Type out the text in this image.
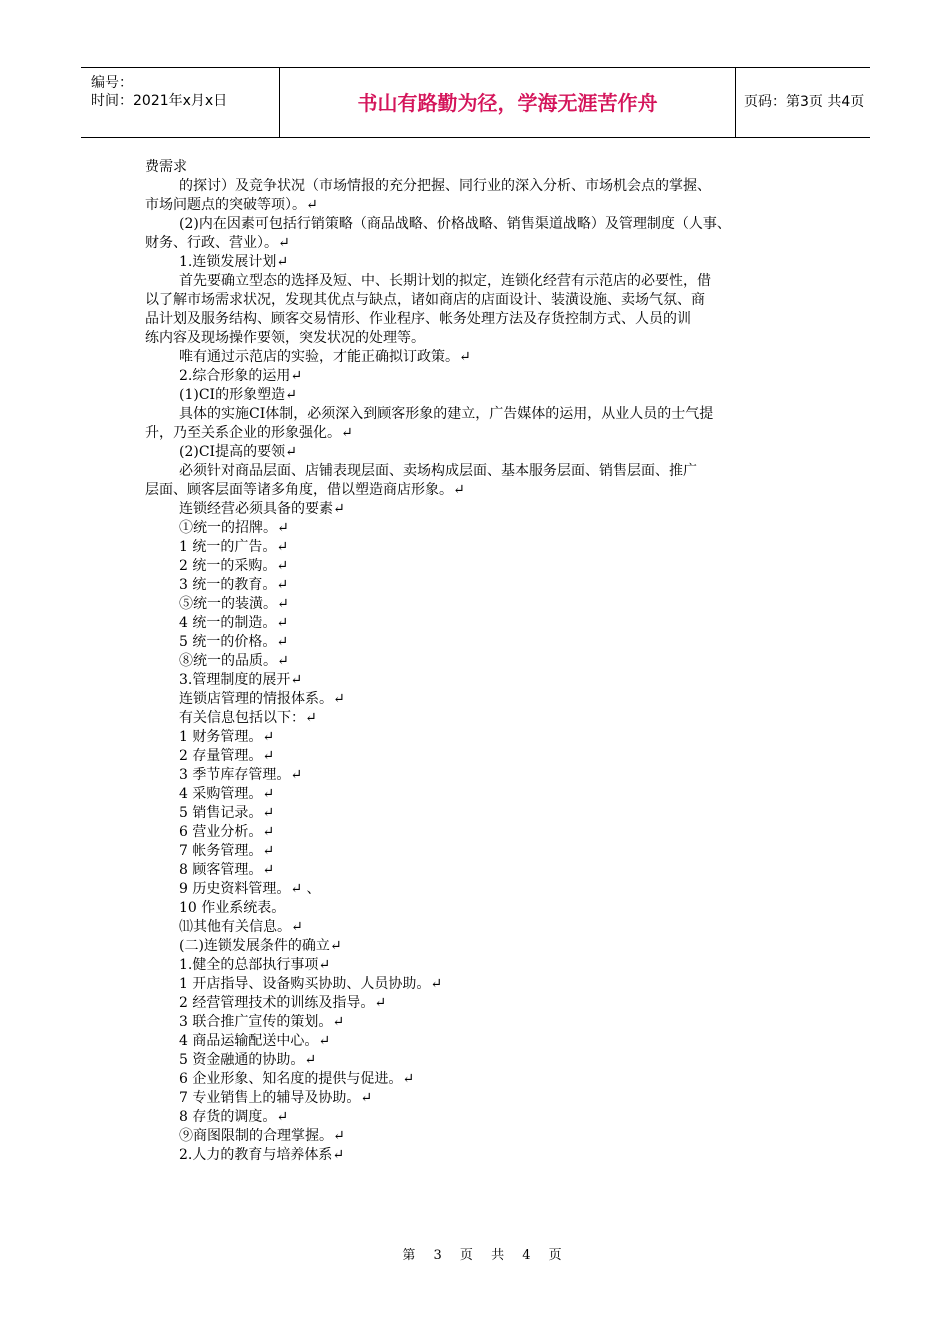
编号：
时间：2021年x月x日	书山有路勤为径，学海无涯苦作舟	页码：第3页 共4页
费需求
的探讨）及竞争状况（市场情报的充分把握、同行业的深入分析、市场机会点的掌握、
市场问题点的突破等项）。↵
(2)内在因素可包括行销策略（商品战略、价格战略、销售渠道战略）及管理制度（人事、
财务、行政、营业）。↵
1.连锁发展计划↵
首先要确立型态的选择及短、中、长期计划的拟定，连锁化经营有示范店的必要性，借
以了解市场需求状况，发现其优点与缺点，诸如商店的店面设计、装潢设施、卖场气氛、商
品计划及服务结构、顾客交易情形、作业程序、帐务处理方法及存货控制方式、人员的训
练内容及现场操作要领，突发状况的处理等。
唯有通过示范店的实验，才能正确拟订政策。↵
2.综合形象的运用↵
(1)CI的形象塑造↵
具体的实施CI体制，必须深入到顾客形象的建立，广告媒体的运用，从业人员的士气提
升，乃至关系企业的形象强化。↵
(2)CI提高的要领↵
必须针对商品层面、店铺表现层面、卖场构成层面、基本服务层面、销售层面、推广
层面、顾客层面等诸多角度，借以塑造商店形象。↵
连锁经营必须具备的要素↵
①统一的招牌。↵
1 统一的广告。↵
2 统一的采购。↵
3 统一的教育。↵
⑤统一的装潢。↵
4 统一的制造。↵
5 统一的价格。↵
⑧统一的品质。↵
3.管理制度的展开↵
连锁店管理的情报体系。↵
有关信息包括以下：↵
1 财务管理。↵
2 存量管理。↵
3 季节库存管理。↵
4 采购管理。↵
5 销售记录。↵
6 营业分析。↵
7 帐务管理。↵
8 顾客管理。↵
9 历史资料管理。↵ 、
10 作业系统表。
⑾其他有关信息。↵
(二)连锁发展条件的确立↵
1.健全的总部执行事项↵
1 开店指导、设备购买协助、人员协助。↵
2 经营管理技术的训练及指导。↵
3 联合推广宣传的策划。↵
4 商品运输配送中心。↵
5 资金融通的协助。↵
6 企业形象、知名度的提供与促进。↵
7 专业销售上的辅导及协助。↵
8 存货的调度。↵
⑨商图限制的合理掌握。↵
2.人力的教育与培养体系↵
第 3 页 共 4 页
